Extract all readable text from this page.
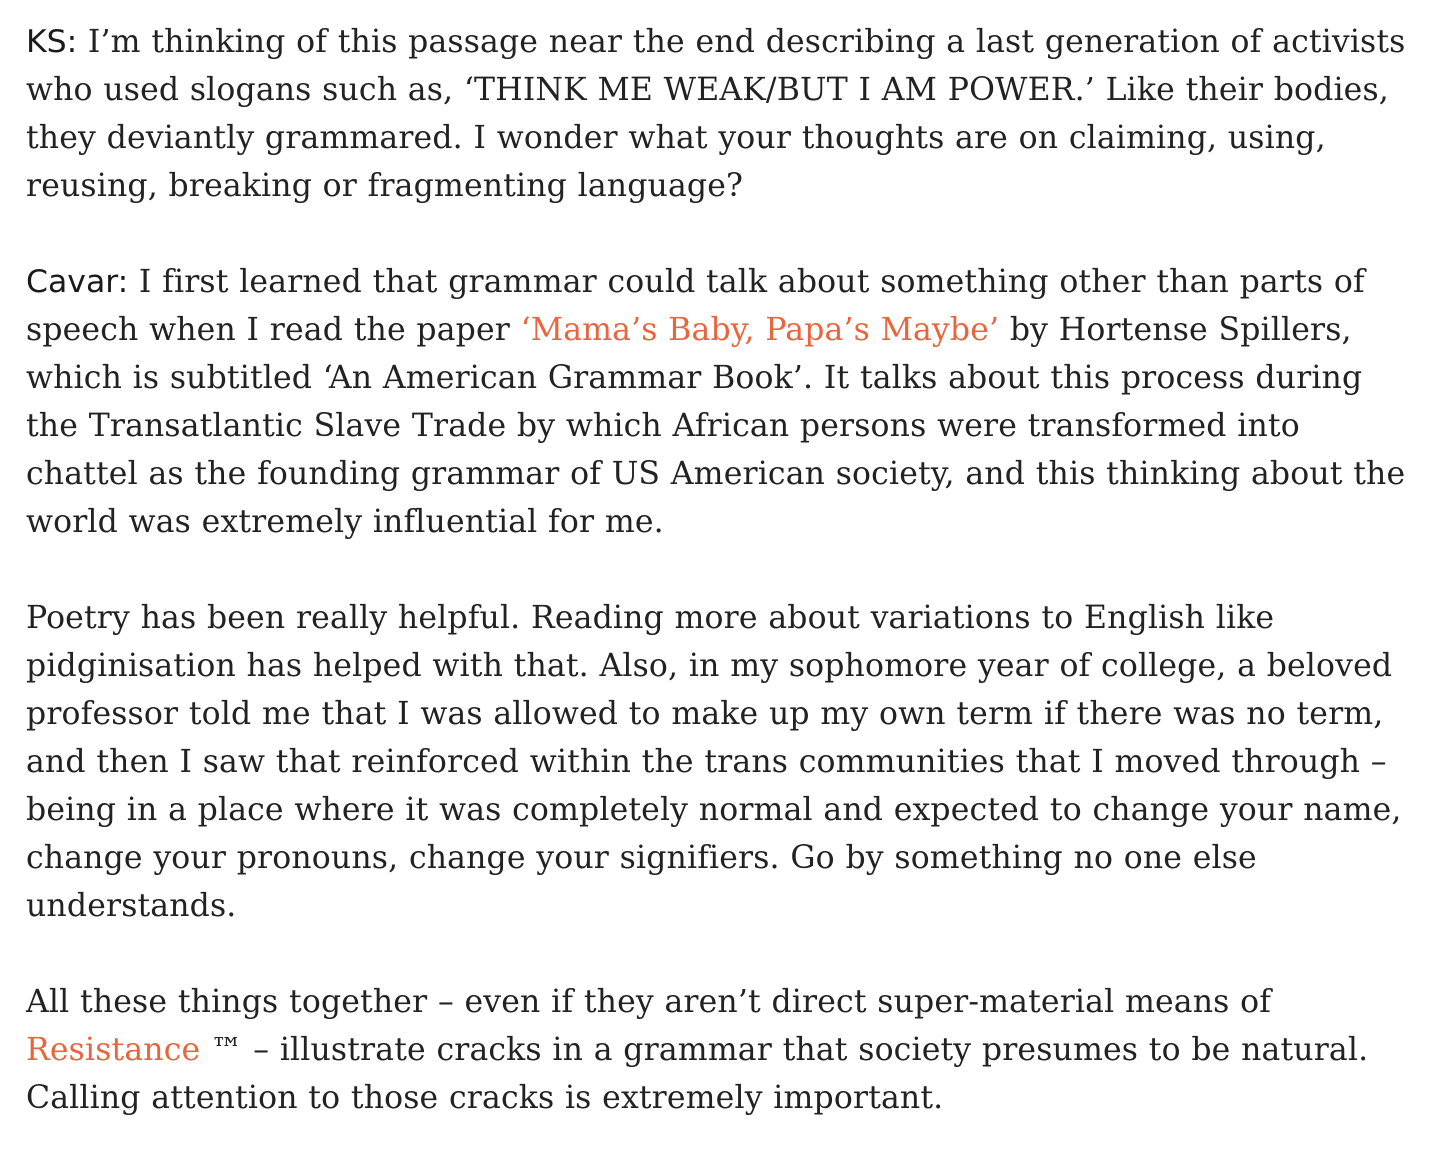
KS: I’m thinking of this passage near the end describing a last generation of activists who used slogans such as, ‘THINK ME WEAK/BUT I AM POWER.’ Like their bodies, they deviantly grammared. I wonder what your thoughts are on claiming, using, reusing, breaking or fragmenting language?

Cavar: I first learned that grammar could talk about something other than parts of speech when I read the paper ‘Mama’s Baby, Papa’s Maybe’ by Hortense Spillers, which is subtitled ‘An American Grammar Book’. It talks about this process during the Transatlantic Slave Trade by which African persons were transformed into chattel as the founding grammar of US American society, and this thinking about the world was extremely influential for me.

Poetry has been really helpful. Reading more about variations to English like pidginisation has helped with that. Also, in my sophomore year of college, a beloved professor told me that I was allowed to make up my own term if there was no term, and then I saw that reinforced within the trans communities that I moved through – being in a place where it was completely normal and expected to change your name, change your pronouns, change your signifiers. Go by something no one else understands.

All these things together – even if they aren’t direct super-material means of Resistance ™ – illustrate cracks in a grammar that society presumes to be natural. Calling attention to those cracks is extremely important.
